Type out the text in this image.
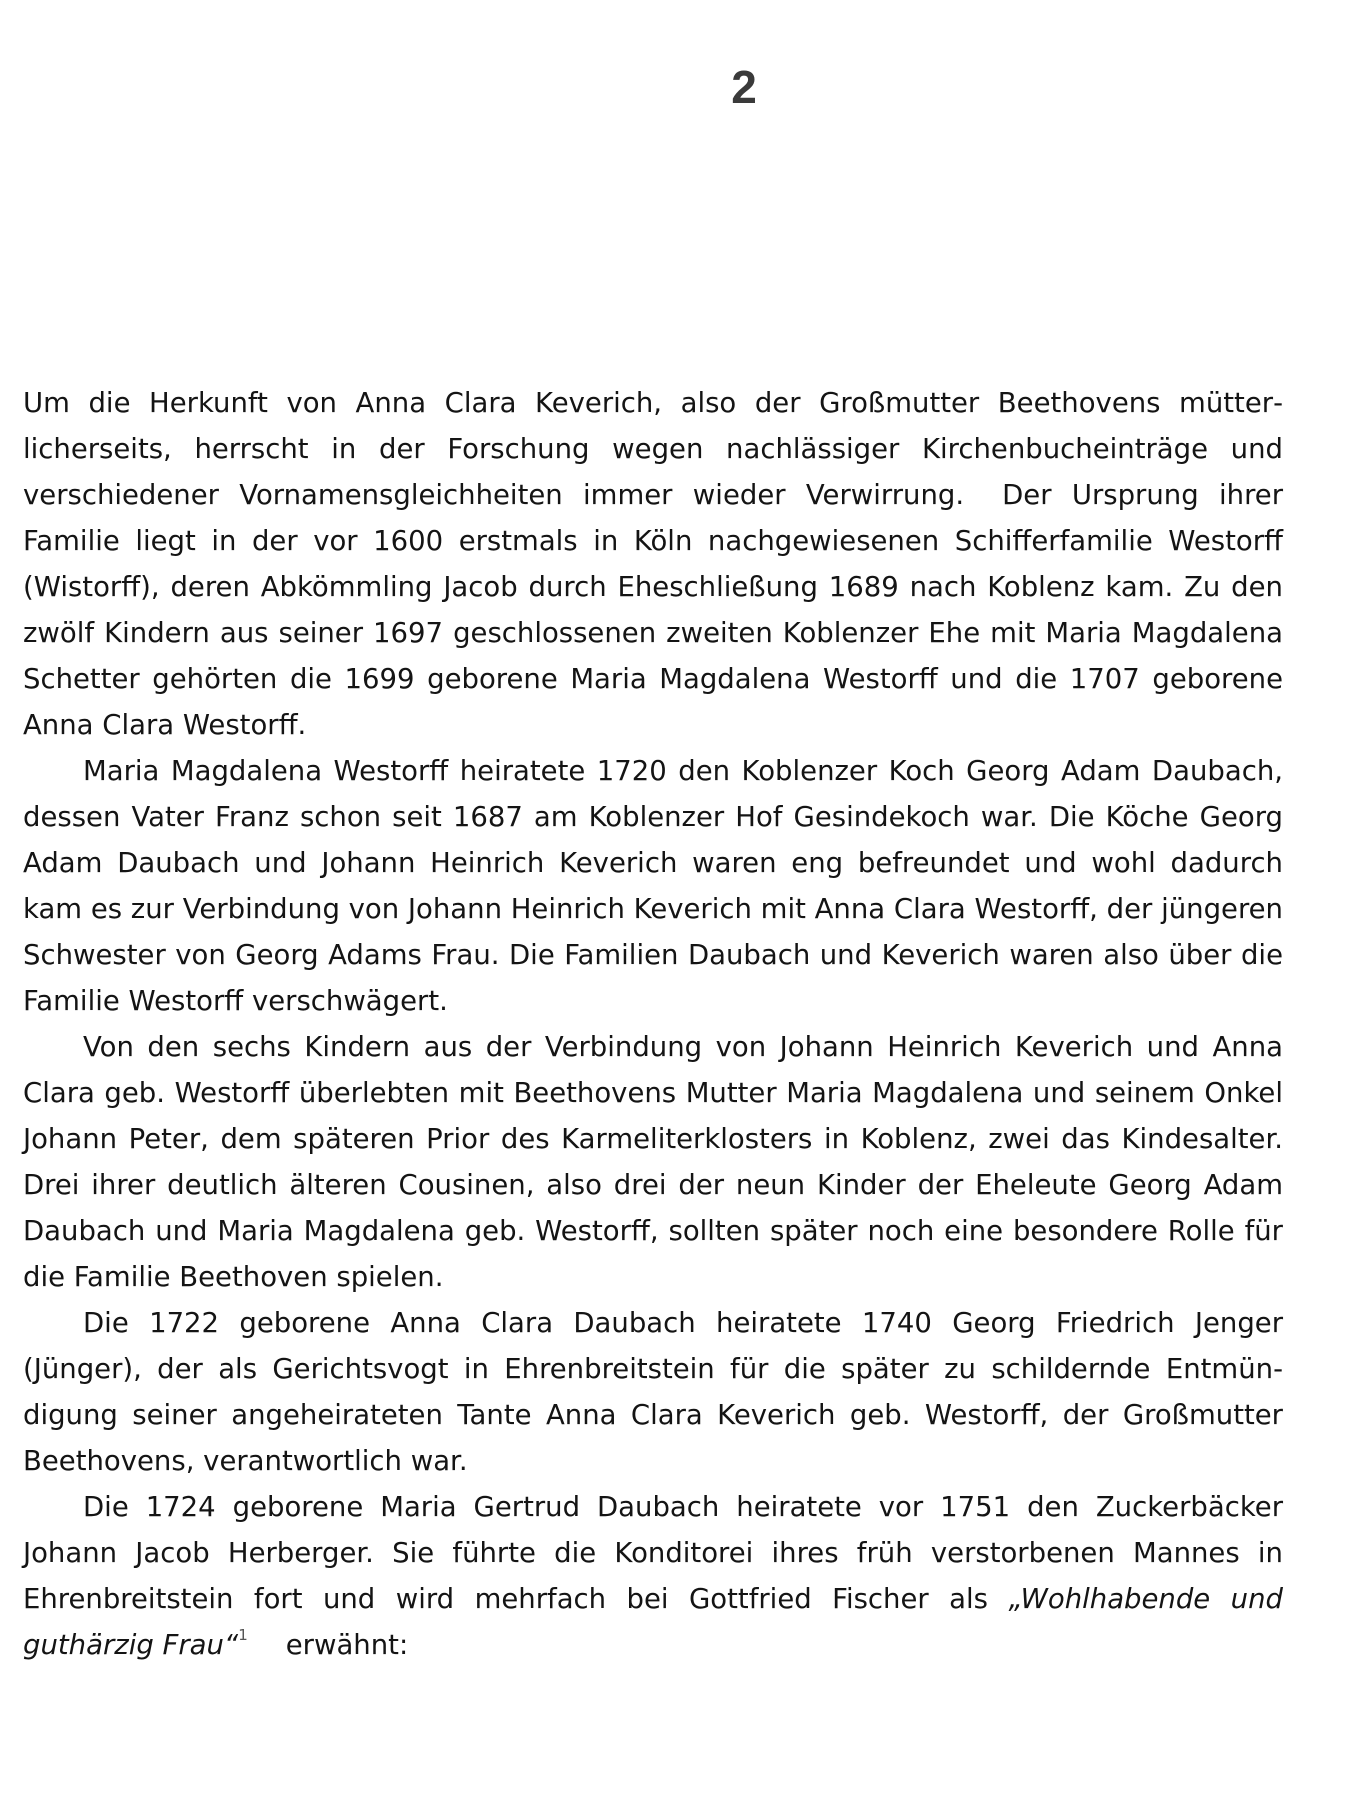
2

Um die Herkunft von Anna Clara Keverich, also der Großmutter Beethovens mütterlicherseits, herrscht in der Forschung wegen nachlässiger Kirchenbucheinträge und verschiedener Vornamensgleichheiten immer wieder Verwirrung. Der Ursprung ihrer Familie liegt in der vor 1600 erstmals in Köln nachgewiesenen Schifferfamilie Westorff (Wistorff), deren Abkömmling Jacob durch Eheschließung 1689 nach Koblenz kam. Zu den zwölf Kindern aus seiner 1697 geschlossenen zweiten Koblenzer Ehe mit Maria Magdalena Schetter gehörten die 1699 geborene Maria Magdalena Westorff und die 1707 geborene Anna Clara Westorff.

Maria Magdalena Westorff heiratete 1720 den Koblenzer Koch Georg Adam Daubach, dessen Vater Franz schon seit 1687 am Koblenzer Hof Gesindekoch war. Die Köche Georg Adam Daubach und Johann Heinrich Keverich waren eng befreundet und wohl dadurch kam es zur Verbindung von Johann Heinrich Keverich mit Anna Clara Westorff, der jüngeren Schwester von Georg Adams Frau. Die Familien Daubach und Keverich waren also über die Familie Westorff verschwägert.

Von den sechs Kindern aus der Verbindung von Johann Heinrich Keverich und Anna Clara geb. Westorff überlebten mit Beethovens Mutter Maria Magdalena und seinem Onkel Johann Peter, dem späteren Prior des Karmeliterklosters in Koblenz, zwei das Kindesalter. Drei ihrer deutlich älteren Cousinen, also drei der neun Kinder der Eheleute Georg Adam Daubach und Maria Magdalena geb. Westorff, sollten später noch eine besondere Rolle für die Familie Beethoven spielen.

Die 1722 geborene Anna Clara Daubach heiratete 1740 Georg Friedrich Jenger (Jünger), der als Gerichtsvogt in Ehrenbreitstein für die später zu schildernde Entmündigung seiner angeheirateten Tante Anna Clara Keverich geb. Westorff, der Großmutter Beethovens, verantwortlich war.

Die 1724 geborene Maria Gertrud Daubach heiratete vor 1751 den Zuckerbäcker Johann Jacob Herberger. Sie führte die Konditorei ihres früh verstorbenen Mannes in Ehrenbreitstein fort und wird mehrfach bei Gottfried Fischer als „Wohlhabende und guthärzig Frau“$^1$ erwähnt:
